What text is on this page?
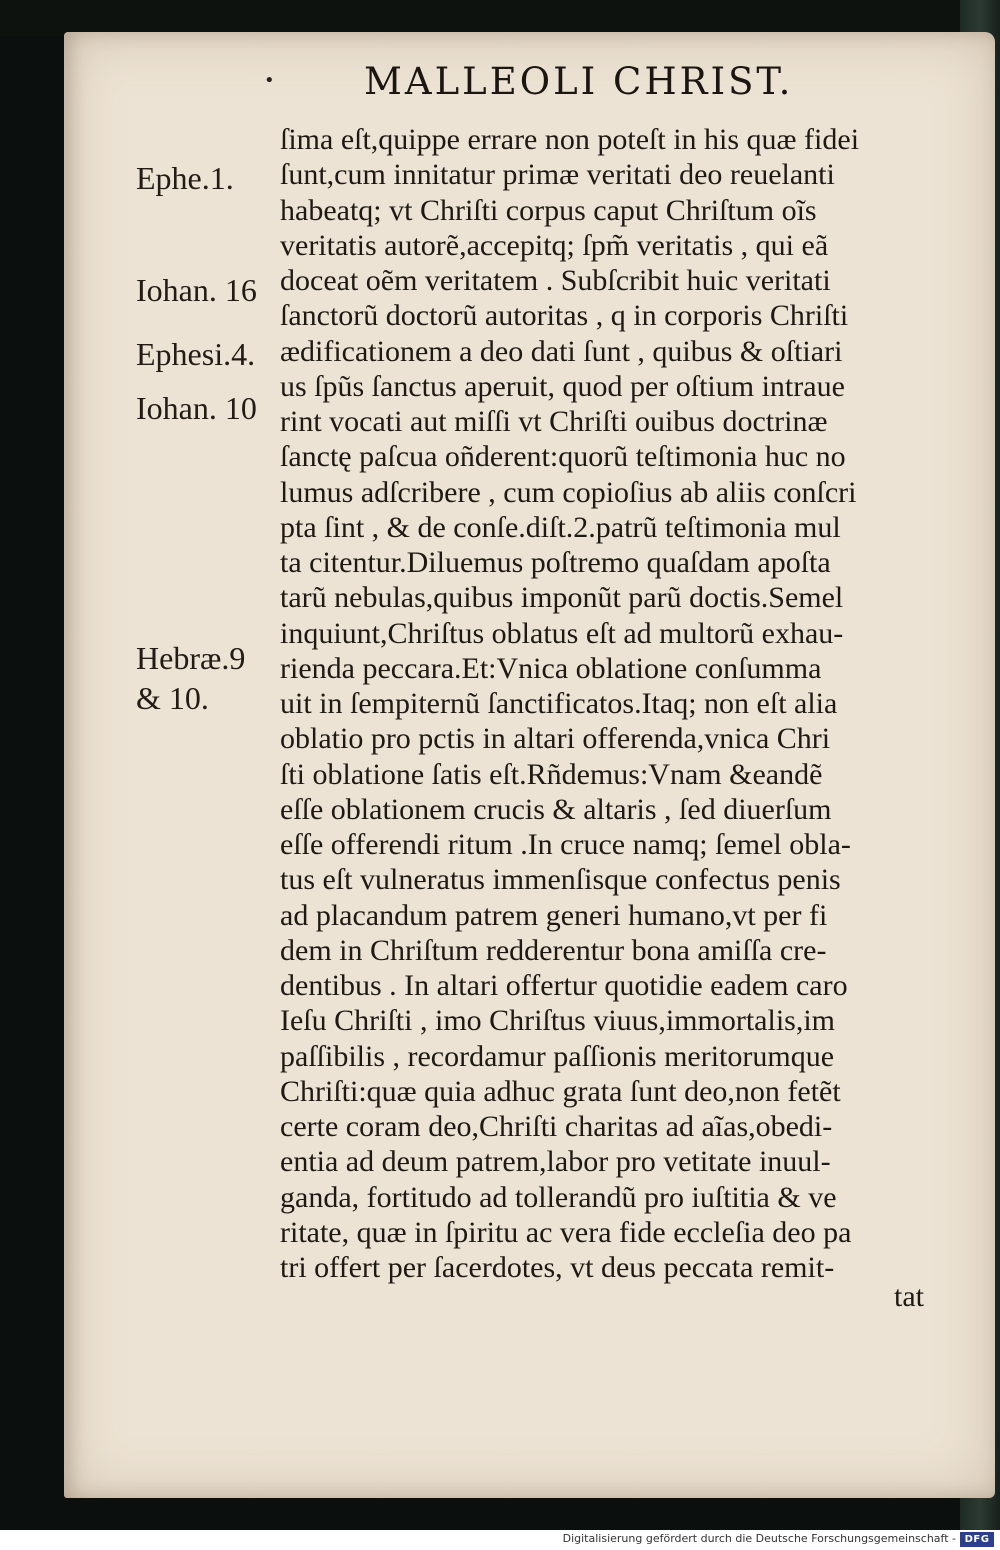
• MALLEOLI CHRIST.
Ephe.1.
Iohan. 16
Ephesi.4.
Iohan. 10
Hebræ.9
& 10.
ſima eſt,quippe errare non poteſt in his quæ fidei
ſunt,cum innitatur primæ veritati deo reuelanti
habeatq; vt Chriſti corpus caput Chriſtum oĩs
veritatis autorẽ,accepitq; ſpm̃ veritatis , qui eã
doceat oẽm veritatem . Subſcribit huic veritati
ſanctorũ doctorũ autoritas , q in corporis Chriſti
ædificationem a deo dati ſunt , quibus & oſtiari
us ſpũs ſanctus aperuit, quod per oſtium intraue
rint vocati aut miſſi vt Chriſti ouibus doctrinæ
ſanctę paſcua oñderent:quorũ teſtimonia huc no
lumus adſcribere , cum copioſius ab aliis conſcri
pta ſint , & de conſe.diſt.2.patrũ teſtimonia mul
ta citentur.Diluemus poſtremo quaſdam apoſta
tarũ nebulas,quibus imponũt parũ doctis.Semel
inquiunt,Chriſtus oblatus eſt ad multorũ exhau-
rienda peccara.Et:Vnica oblatione conſumma
uit in ſempiternũ ſanctificatos.Itaq; non eſt alia
oblatio pro pctis in altari offerenda,vnica Chri
ſti oblatione ſatis eſt.Rñdemus:Vnam &eandẽ
eſſe oblationem crucis & altaris , ſed diuerſum
eſſe offerendi ritum .In cruce namq; ſemel obla-
tus eſt vulneratus immenſisque confectus penis
ad placandum patrem generi humano,vt per fi
dem in Chriſtum redderentur bona amiſſa cre-
dentibus . In altari offertur quotidie eadem caro
Ieſu Chriſti , imo Chriſtus viuus,immortalis,im
paſſibilis , recordamur paſſionis meritorumque
Chriſti:quæ quia adhuc grata ſunt deo,non fetẽt
certe coram deo,Chriſti charitas ad aĩas,obedi-
entia ad deum patrem,labor pro vetitate inuul-
ganda, fortitudo ad tollerandũ pro iuſtitia & ve
ritate, quæ in ſpiritu ac vera fide eccleſia deo pa
tri offert per ſacerdotes, vt deus peccata remit-
tat
Digitalisierung gefördert durch die Deutsche Forschungsgemeinschaft - DFG
